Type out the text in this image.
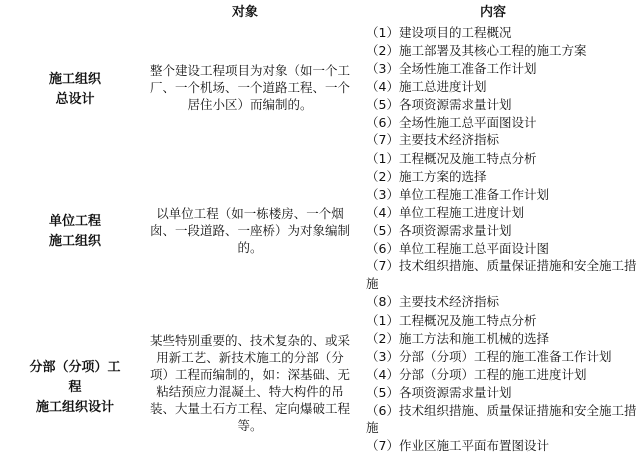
对象	内容
施工组织
总设计
整个建设工程项目为对象（如一个工厂、一个机场、一个道路工程、一个居住小区）而编制的。
（1）建设项目的工程概况
（2）施工部署及其核心工程的施工方案
（3）全场性施工准备工作计划
（4）施工总进度计划
（5）各项资源需求量计划
（6）全场性施工总平面图设计
（7）主要技术经济指标
单位工程
施工组织
以单位工程（如一栋楼房、一个烟囱、一段道路、一座桥）为对象编制的。
（1）工程概况及施工特点分析
（2）施工方案的选择
（3）单位工程施工准备工作计划
（4）单位工程施工进度计划
（5）各项资源需求量计划
（6）单位工程施工总平面设计图
（7）技术组织措施、质量保证措施和安全施工措施
（8）主要技术经济指标
分部（分项）工
程
施工组织设计
某些特别重要的、技术复杂的、或采用新工艺、新技术施工的分部（分项）工程而编制的，如：深基础、无粘结预应力混凝土、特大构件的吊装、大量土石方工程、定向爆破工程等。
（1）工程概况及施工特点分析
（2）施工方法和施工机械的选择
（3）分部（分项）工程的施工准备工作计划（4）分部（分项）工程的施工进度计划
（5）各项资源需求量计划
（6）技术组织措施、质量保证措施和安全施工措施
（7）作业区施工平面布置图设计
